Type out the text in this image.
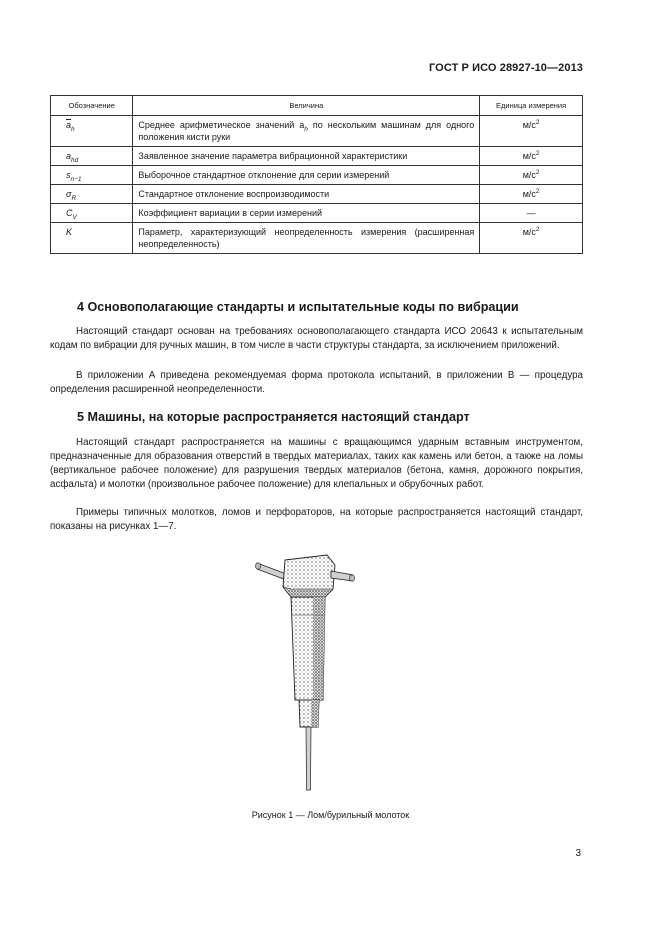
ГОСТ Р ИСО 28927-10—2013
Обозначение	Величина	Единица измерения
$\overline{a}_h$	Среднее арифметическое значений $a_h$ по нескольким машинам для одного положения кисти руки	$м/с^2$
$a_{hd}$	Заявленное значение параметра вибрационной характеристики	$м/с^2$
$s_{n-1}$	Выборочное стандартное отклонение для серии измерений	$м/с^2$
$\sigma_R$	Стандартное отклонение воспроизводимости	$м/с^2$
$C_V$	Коэффициент вариации в серии измерений	—
K	Параметр, характеризующий неопределенность измерения (расширенная неопределенность)	$м/с^2$
4 Основополагающие стандарты и испытательные коды по вибрации

Настоящий стандарт основан на требованиях основополагающего стандарта ИСО 20643 к испытательным кодам по вибрации для ручных машин, в том числе в части структуры стандарта, за исключением приложений.

В приложении А приведена рекомендуемая форма протокола испытаний, в приложении В — процедура определения расширенной неопределенности.

5 Машины, на которые распространяется настоящий стандарт

Настоящий стандарт распространяется на машины с вращающимся ударным вставным инструментом, предназначенные для образования отверстий в твердых материалах, таких как камень или бетон, а также на ломы (вертикальное рабочее положение) для разрушения твердых материалов (бетона, камня, дорожного покрытия, асфальта) и молотки (произвольное рабочее положение) для клепальных и обрубочных работ.

Примеры типичных молотков, ломов и перфораторов, на которые распространяется настоящий стандарт, показаны на рисунках 1—7.

Рисунок 1 — Лом/бурильный молоток
3
